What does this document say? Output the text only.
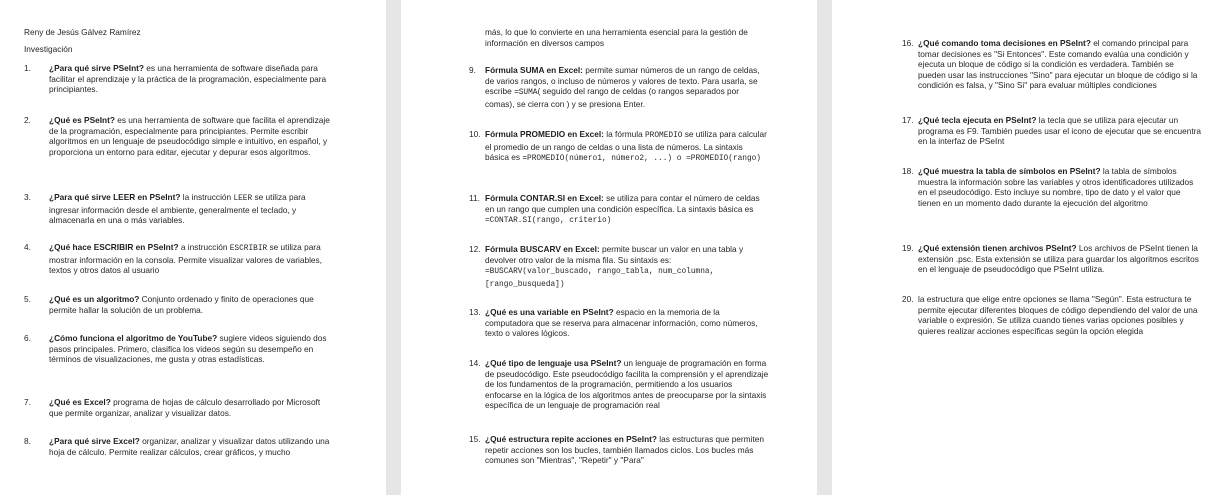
Reny de Jesús Gálvez Ramírez
Investigación
1. ¿Para qué sirve PSeInt? es una herramienta de software diseñada para facilitar el aprendizaje y la práctica de la programación, especialmente para principiantes.
2. ¿Qué es PSeInt? es una herramienta de software que facilita el aprendizaje de la programación, especialmente para principiantes. Permite escribir algoritmos en un lenguaje de pseudocódigo simple e intuitivo, en español, y proporciona un entorno para editar, ejecutar y depurar esos algoritmos.
3. ¿Para qué sirve LEER en PSeInt? la instrucción LEER se utiliza para ingresar información desde el ambiente, generalmente el teclado, y almacenarla en una o más variables.
4. ¿Qué hace ESCRIBIR en PSeInt? a instrucción ESCRIBIR se utiliza para mostrar información en la consola. Permite visualizar valores de variables, textos y otros datos al usuario
5. ¿Qué es un algoritmo? Conjunto ordenado y finito de operaciones que permite hallar la solución de un problema.
6. ¿Cómo funciona el algoritmo de YouTube? sugiere videos siguiendo dos pasos principales. Primero, clasifica los videos según su desempeño en términos de visualizaciones, me gusta y otras estadísticas.
7. ¿Qué es Excel? programa de hojas de cálculo desarrollado por Microsoft que permite organizar, analizar y visualizar datos.
8. ¿Para qué sirve Excel? organizar, analizar y visualizar datos utilizando una hoja de cálculo. Permite realizar cálculos, crear gráficos, y mucho
más, lo que lo convierte en una herramienta esencial para la gestión de información en diversos campos
9. Fórmula SUMA en Excel: permite sumar números de un rango de celdas, de varios rangos, o incluso de números y valores de texto. Para usarla, se escribe =SUMA( seguido del rango de celdas (o rangos separados por comas), se cierra con ) y se presiona Enter.
10. Fórmula PROMEDIO en Excel: la fórmula PROMEDIO se utiliza para calcular el promedio de un rango de celdas o una lista de números. La sintaxis básica es =PROMEDIO(número1, número2, ...) o =PROMEDIO(rango)
11. Fórmula CONTAR.SI en Excel: se utiliza para contar el número de celdas en un rango que cumplen una condición específica. La sintaxis básica es =CONTAR.SI(rango, criterio)
12. Fórmula BUSCARV en Excel: permite buscar un valor en una tabla y devolver otro valor de la misma fila. Su sintaxis es: =BUSCARV(valor_buscado, rango_tabla, num_columna, [rango_busqueda])
13. ¿Qué es una variable en PSeInt? espacio en la memoria de la computadora que se reserva para almacenar información, como números, texto o valores lógicos.
14. ¿Qué tipo de lenguaje usa PSeInt? un lenguaje de programación en forma de pseudocódigo. Este pseudocódigo facilita la comprensión y el aprendizaje de los fundamentos de la programación, permitiendo a los usuarios enfocarse en la lógica de los algoritmos antes de preocuparse por la sintaxis específica de un lenguaje de programación real
15. ¿Qué estructura repite acciones en PSeInt? las estructuras que permiten repetir acciones son los bucles, también llamados ciclos. Los bucles más comunes son "Mientras", "Repetir" y "Para"
16. ¿Qué comando toma decisiones en PSeInt? el comando principal para tomar decisiones es "Si Entonces". Este comando evalúa una condición y ejecuta un bloque de código si la condición es verdadera. También se pueden usar las instrucciones "Sino" para ejecutar un bloque de código si la condición es falsa, y "Sino Si" para evaluar múltiples condiciones
17. ¿Qué tecla ejecuta en PSeInt? la tecla que se utiliza para ejecutar un programa es F9. También puedes usar el icono de ejecutar que se encuentra en la interfaz de PSeInt
18. ¿Qué muestra la tabla de símbolos en PSeInt? la tabla de símbolos muestra la información sobre las variables y otros identificadores utilizados en el pseudocódigo. Esto incluye su nombre, tipo de dato y el valor que tienen en un momento dado durante la ejecución del algoritmo
19. ¿Qué extensión tienen archivos PSeInt? Los archivos de PSeInt tienen la extensión .psc. Esta extensión se utiliza para guardar los algoritmos escritos en el lenguaje de pseudocódigo que PSeInt utiliza.
20. la estructura que elige entre opciones se llama "Según". Esta estructura te permite ejecutar diferentes bloques de código dependiendo del valor de una variable o expresión. Se utiliza cuando tienes varias opciones posibles y quieres realizar acciones específicas según la opción elegida
